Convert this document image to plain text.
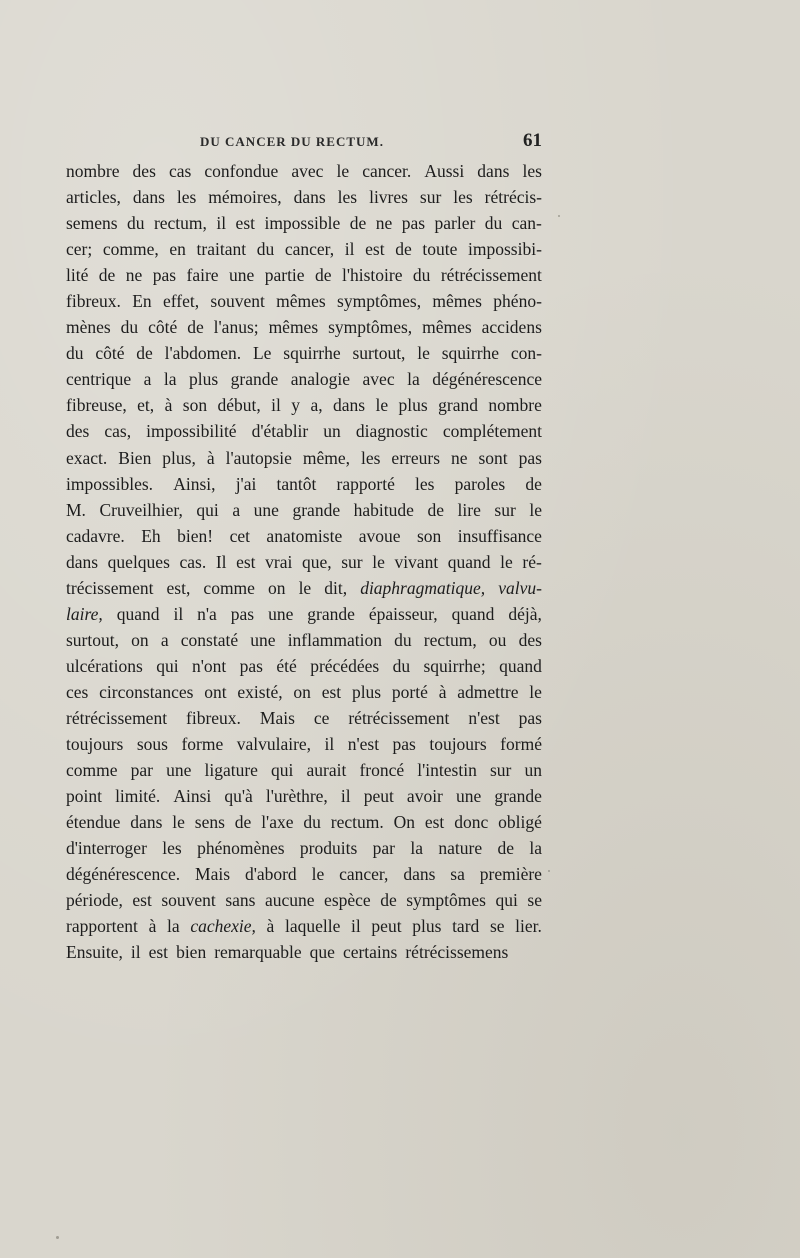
DU CANCER DU RECTUM.	61
nombre des cas confondue avec le cancer. Aussi dans les
articles, dans les mémoires, dans les livres sur les rétrécis-
semens du rectum, il est impossible de ne pas parler du can-
cer; comme, en traitant du cancer, il est de toute impossibi-
lité de ne pas faire une partie de l'histoire du rétrécissement
fibreux. En effet, souvent mêmes symptômes, mêmes phéno-
mènes du côté de l'anus; mêmes symptômes, mêmes accidens
du côté de l'abdomen. Le squirrhe surtout, le squirrhe con-
centrique a la plus grande analogie avec la dégénérescence
fibreuse, et, à son début, il y a, dans le plus grand nombre
des cas, impossibilité d'établir un diagnostic complétement
exact. Bien plus, à l'autopsie même, les erreurs ne sont pas
impossibles. Ainsi, j'ai tantôt rapporté les paroles de
M. Cruveilhier, qui a une grande habitude de lire sur le
cadavre. Eh bien! cet anatomiste avoue son insuffisance
dans quelques cas. Il est vrai que, sur le vivant quand le ré-
trécissement est, comme on le dit, diaphragmatique, valvu-
laire, quand il n'a pas une grande épaisseur, quand déjà,
surtout, on a constaté une inflammation du rectum, ou des
ulcérations qui n'ont pas été précédées du squirrhe; quand
ces circonstances ont existé, on est plus porté à admettre le
rétrécissement fibreux. Mais ce rétrécissement n'est pas
toujours sous forme valvulaire, il n'est pas toujours formé
comme par une ligature qui aurait froncé l'intestin sur un
point limité. Ainsi qu'à l'urèthre, il peut avoir une grande
étendue dans le sens de l'axe du rectum. On est donc obligé
d'interroger les phénomènes produits par la nature de la
dégénérescence. Mais d'abord le cancer, dans sa première
période, est souvent sans aucune espèce de symptômes qui se
rapportent à la cachexie, à laquelle il peut plus tard se lier.
Ensuite, il est bien remarquable que certains rétrécissemens
